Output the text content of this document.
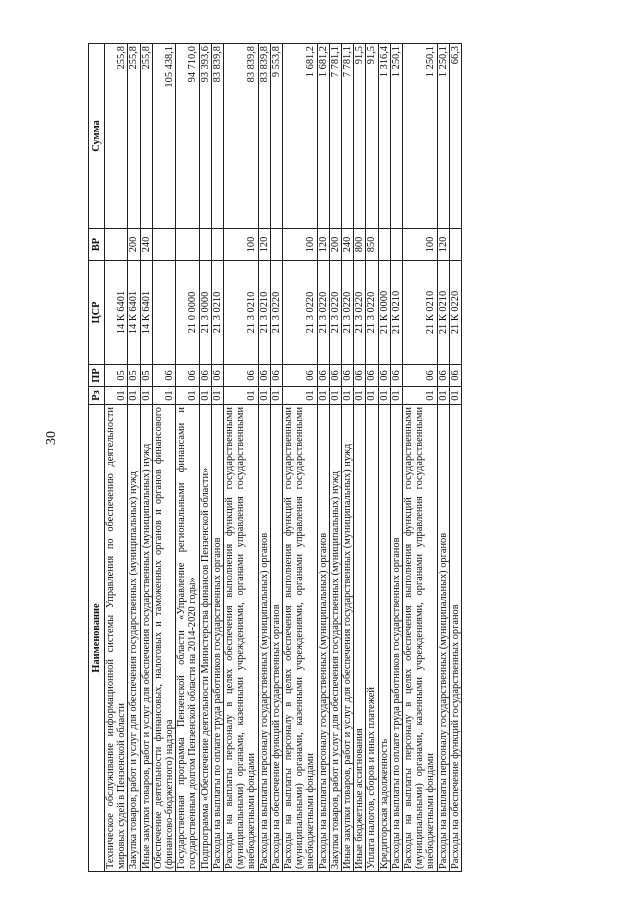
30
Наименование	Рз	ПР	ЦСР	ВР	Сумма
Техническое обслуживание информационной системы Управления по обеспечению деятельности мировых судей в Пензенской области	01	05	14 К 6401		255,8
Закупка товаров, работ и услуг для обеспечения государственных (муниципальных) нужд	01	05	14 К 6401	200	255,8
Иные закупки товаров, работ и услуг для обеспечения государственных (муниципальных) нужд	01	05	14 К 6401	240	255,8
Обеспечение деятельности финансовых, налоговых и таможенных органов и органов финансового (финансово-бюджетного) надзора	01	06			105 438,1
Государственная программа Пензенской области «Управление региональными финансами и государственным долгом Пензенской области на 2014-2020 годы»	01	06	21 0 0000		94 710,0
Подпрограмма «Обеспечение деятельности Министерства финансов Пензенской области»	01	06	21 3 0000		93 393,6
Расходы на выплаты по оплате труда работников государственных органов	01	06	21 3 0210		83 839,8
Расходы на выплаты персоналу в целях обеспечения выполнения функций государственными (муниципальными) органами, казенными учреждениями, органами управления государственными внебюджетными фондами	01	06	21 3 0210	100	83 839,8
Расходы на выплаты персоналу государственных (муниципальных) органов	01	06	21 3 0210	120	83 839,8
Расходы на обеспечение функций государственных органов	01	06	21 3 0220		9 553,8
Расходы на выплаты персоналу в целях обеспечения выполнения функций государственными (муниципальными) органами, казенными учреждениями, органами управления государственными внебюджетными фондами	01	06	21 3 0220	100	1 681,2
Расходы на выплаты персоналу государственных (муниципальных) органов	01	06	21 3 0220	120	1 681,2
Закупка товаров, работ и услуг для обеспечения государственных (муниципальных) нужд	01	06	21 3 0220	200	7 781,1
Иные закупки товаров, работ и услуг для обеспечения государственных (муниципальных) нужд	01	06	21 3 0220	240	7 781,1
Иные бюджетные ассигнования	01	06	21 3 0220	800	91,5
Уплата налогов, сборов и иных платежей	01	06	21 3 0220	850	91,5
Кредиторская задолженность	01	06	21 К 0000		1 316,4
Расходы на выплаты по оплате труда работников государственных органов	01	06	21 К 0210		1 250,1
Расходы на выплаты персоналу в целях обеспечения выполнения функций государственными (муниципальными) органами, казенными учреждениями, органами управления государственными внебюджетными фондами	01	06	21 К 0210	100	1 250,1
Расходы на выплаты персоналу государственных (муниципальных) органов	01	06	21 К 0210	120	1 250,1
Расходы на обеспечение функций государственных органов	01	06	21 К 0220		66,3
